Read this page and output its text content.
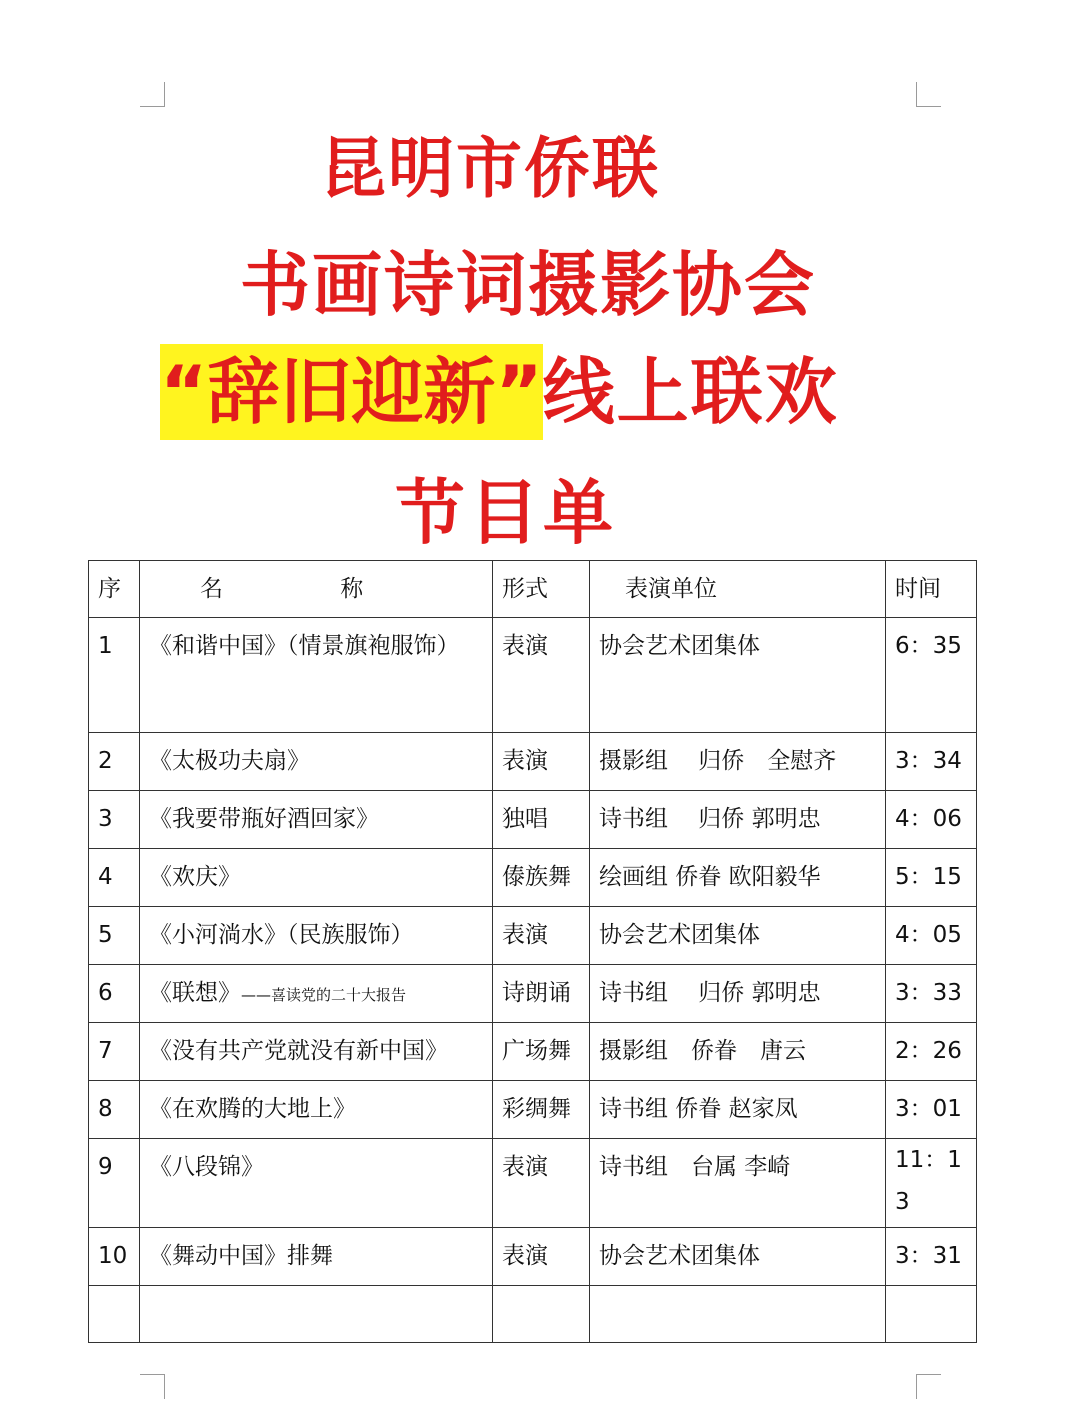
昆明市侨联
书画诗词摄影协会
“辞旧迎新”线上联欢
节目单
序	名 称	形式	表演单位	时间
1	《和谐中国》（情景旗袍服饰）	表演	协会艺术团集体	6：35
2	《太极功夫扇》	表演	摄影组　 归侨　全慰齐	3：34
3	《我要带瓶好酒回家》	独唱	诗书组　 归侨 郭明忠	4：06
4	《欢庆》	傣族舞	绘画组 侨眷 欧阳毅华	5：15
5	《小河淌水》（民族服饰）	表演	协会艺术团集体	4：05
6	《联想》——喜读党的二十大报告	诗朗诵	诗书组　 归侨 郭明忠	3：33
7	《没有共产党就没有新中国》	广场舞	摄影组　侨眷　唐云	2：26
8	《在欢腾的大地上》	彩绸舞	诗书组 侨眷 赵家凤	3：01
9	《八段锦》	表演	诗书组　台属 李崎	11：13
10	《舞动中国》排舞	表演	协会艺术团集体	3：31
